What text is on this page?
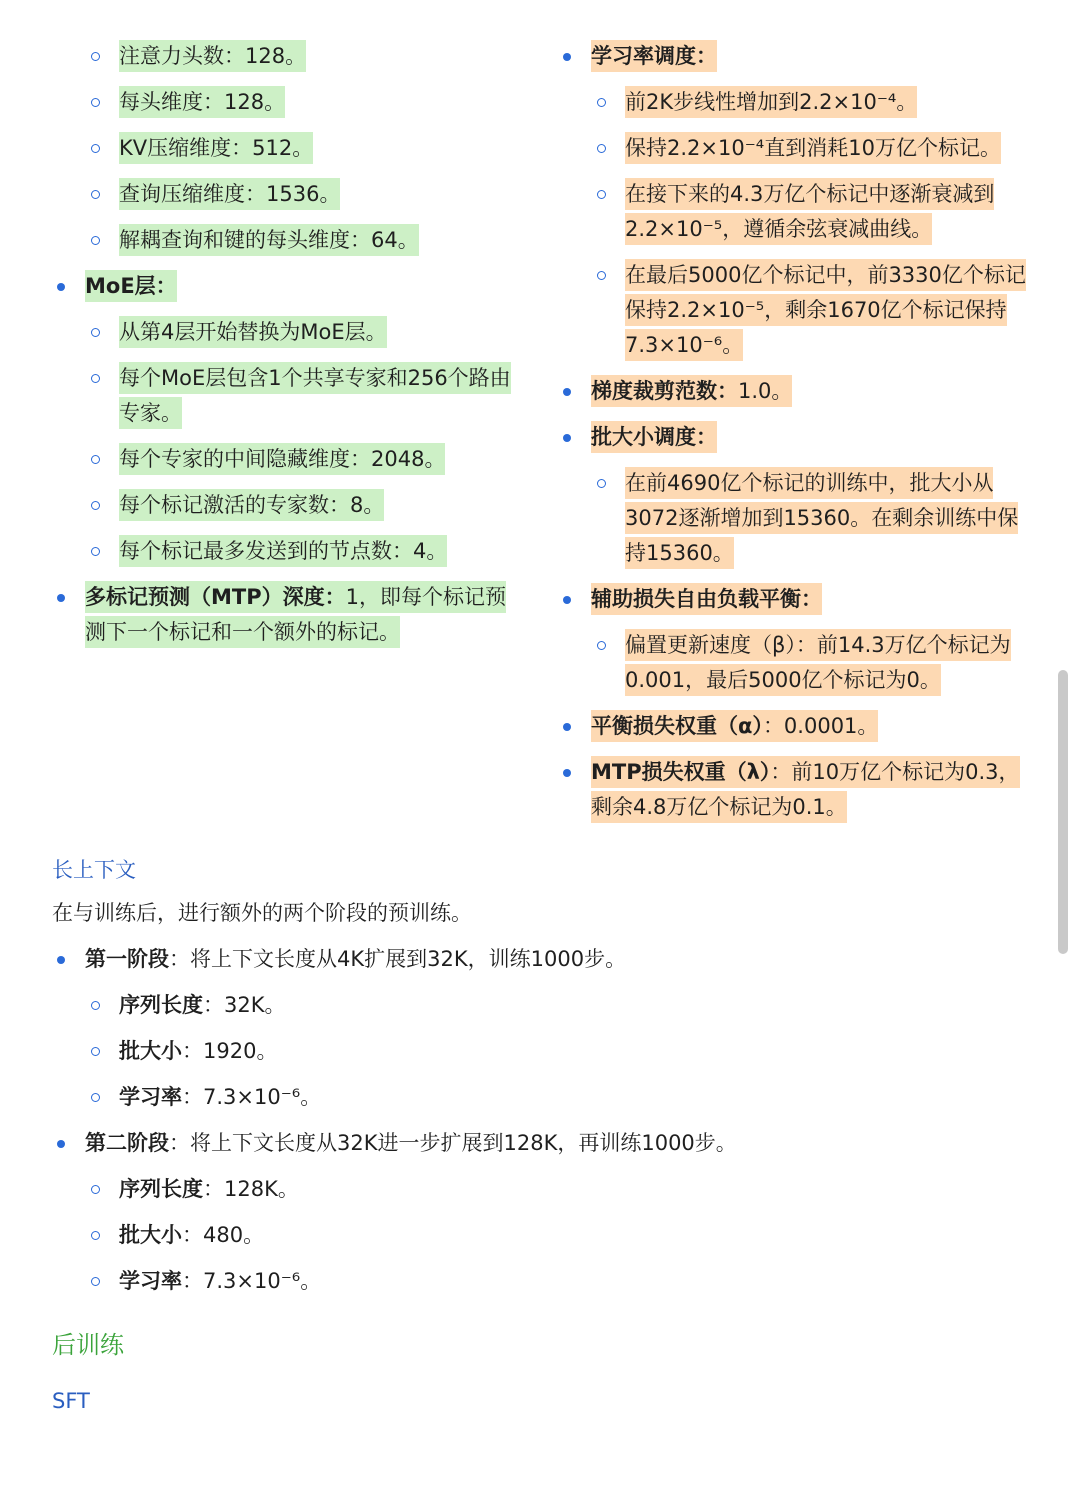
注意力头数：128。
每头维度：128。
KV压缩维度：512。
查询压缩维度：1536。
解耦查询和键的每头维度：64。
MoE层：
从第4层开始替换为MoE层。
每个MoE层包含1个共享专家和256个路由专家。
每个专家的中间隐藏维度：2048。
每个标记激活的专家数：8。
每个标记最多发送到的节点数：4。
多标记预测（MTP）深度：1，即每个标记预测下一个标记和一个额外的标记。
学习率调度：
前2K步线性增加到2.2×10⁻⁴。
保持2.2×10⁻⁴直到消耗10万亿个标记。
在接下来的4.3万亿个标记中逐渐衰减到2.2×10⁻⁵，遵循余弦衰减曲线。
在最后5000亿个标记中，前3330亿个标记保持2.2×10⁻⁵，剩余1670亿个标记保持7.3×10⁻⁶。
梯度裁剪范数：1.0。
批大小调度：
在前4690亿个标记的训练中，批大小从3072逐渐增加到15360。在剩余训练中保持15360。
辅助损失自由负载平衡：
偏置更新速度（β）：前14.3万亿个标记为0.001，最后5000亿个标记为0。
平衡损失权重（α）：0.0001。
MTP损失权重（λ）：前10万亿个标记为0.3，剩余4.8万亿个标记为0.1。
长上下文
在与训练后，进行额外的两个阶段的预训练。
第一阶段：将上下文长度从4K扩展到32K，训练1000步。
序列长度：32K。
批大小：1920。
学习率：7.3×10⁻⁶。
第二阶段：将上下文长度从32K进一步扩展到128K，再训练1000步。
序列长度：128K。
批大小：480。
学习率：7.3×10⁻⁶。
后训练
SFT
